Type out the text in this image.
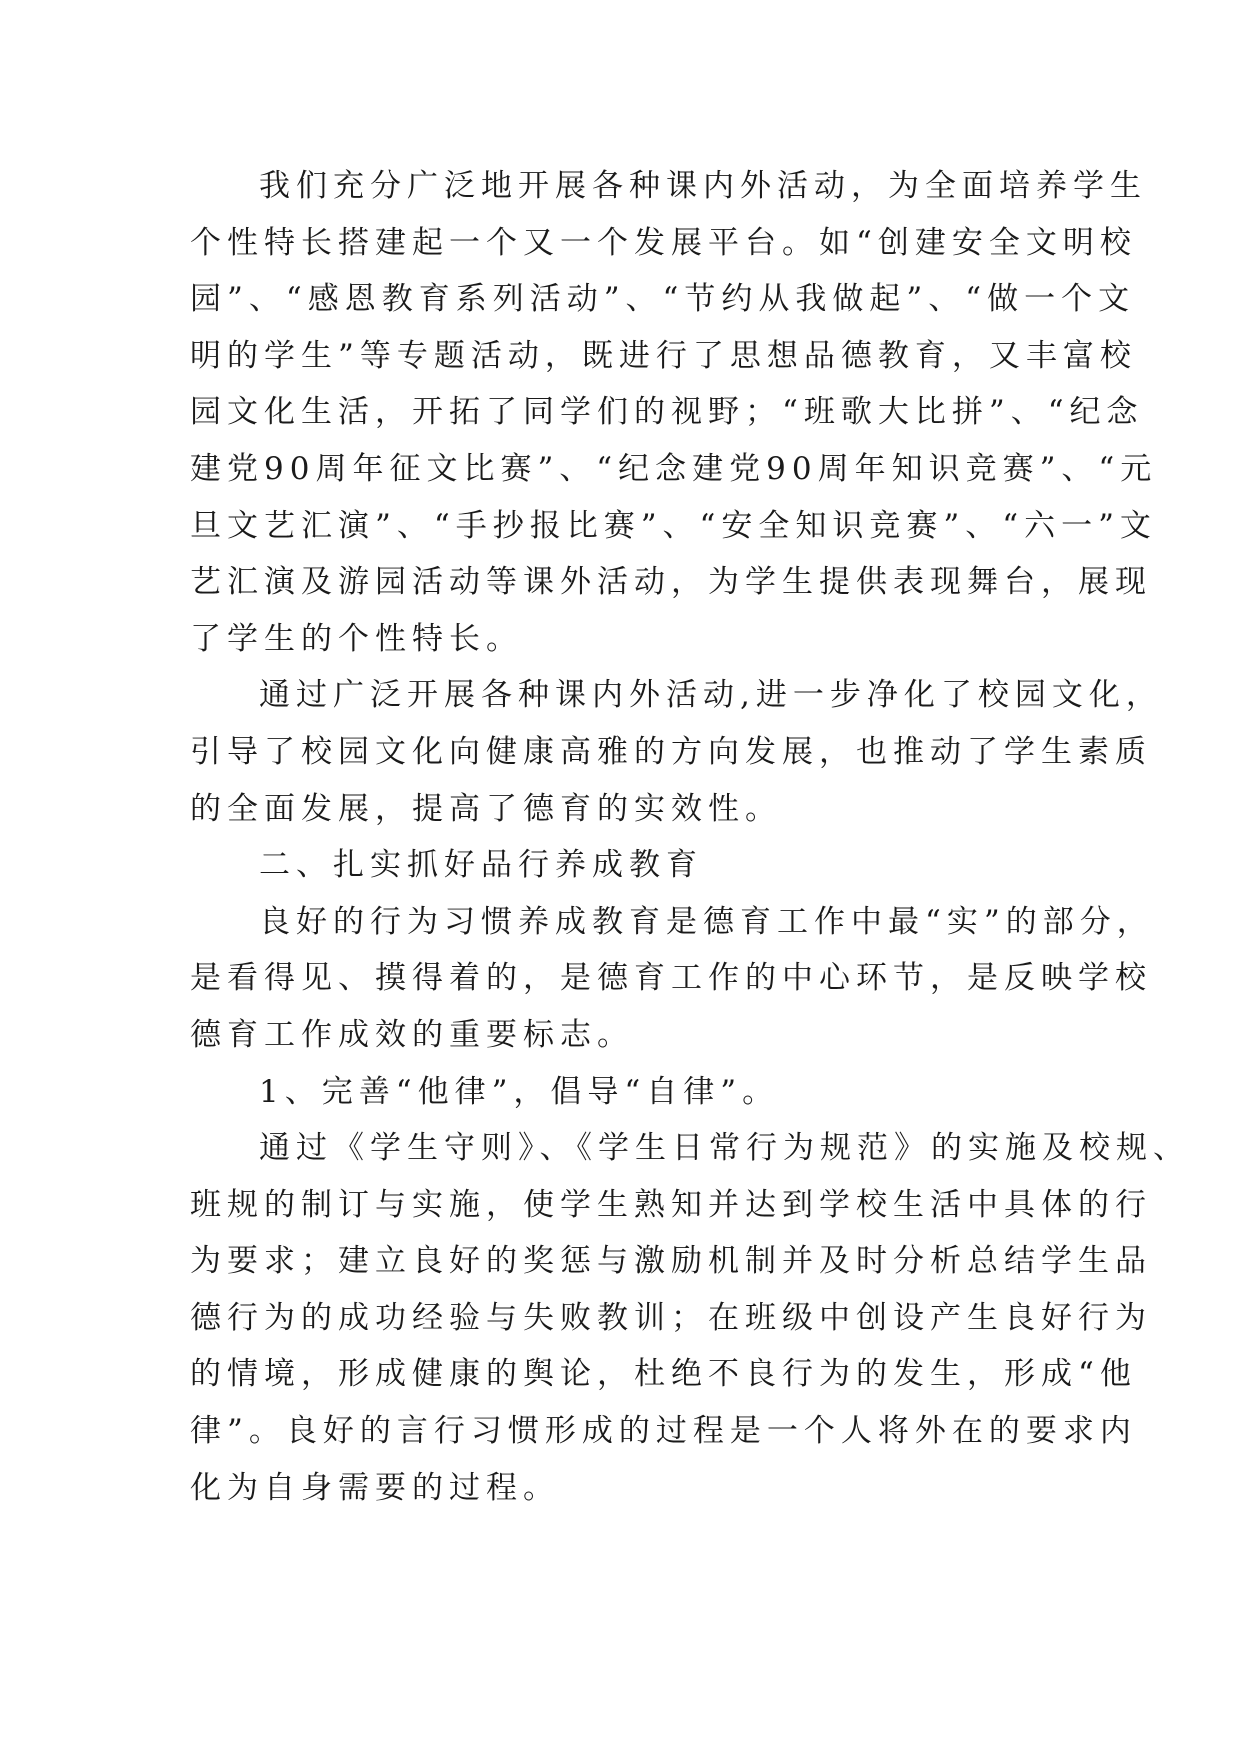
我们充分广泛地开展各种课内外活动，为全面培养学生
个性特长搭建起一个又一个发展平台。如“创建安全文明校
园”、“感恩教育系列活动”、“节约从我做起”、“做一个文
明的学生”等专题活动，既进行了思想品德教育，又丰富校
园文化生活，开拓了同学们的视野；“班歌大比拼”、“纪念
建党90周年征文比赛”、“纪念建党90周年知识竞赛”、“元
旦文艺汇演”、“手抄报比赛”、“安全知识竞赛”、“六一”文
艺汇演及游园活动等课外活动，为学生提供表现舞台，展现
了学生的个性特长。
通过广泛开展各种课内外活动,进一步净化了校园文化，
引导了校园文化向健康高雅的方向发展，也推动了学生素质
的全面发展，提高了德育的实效性。
二、扎实抓好品行养成教育
良好的行为习惯养成教育是德育工作中最“实”的部分，
是看得见、摸得着的，是德育工作的中心环节，是反映学校
德育工作成效的重要标志。
1、完善“他律”，倡导“自律”。
通过《学生守则》、《学生日常行为规范》的实施及校规、
班规的制订与实施，使学生熟知并达到学校生活中具体的行
为要求；建立良好的奖惩与激励机制并及时分析总结学生品
德行为的成功经验与失败教训；在班级中创设产生良好行为
的情境，形成健康的舆论，杜绝不良行为的发生，形成“他
律”。良好的言行习惯形成的过程是一个人将外在的要求内
化为自身需要的过程。
